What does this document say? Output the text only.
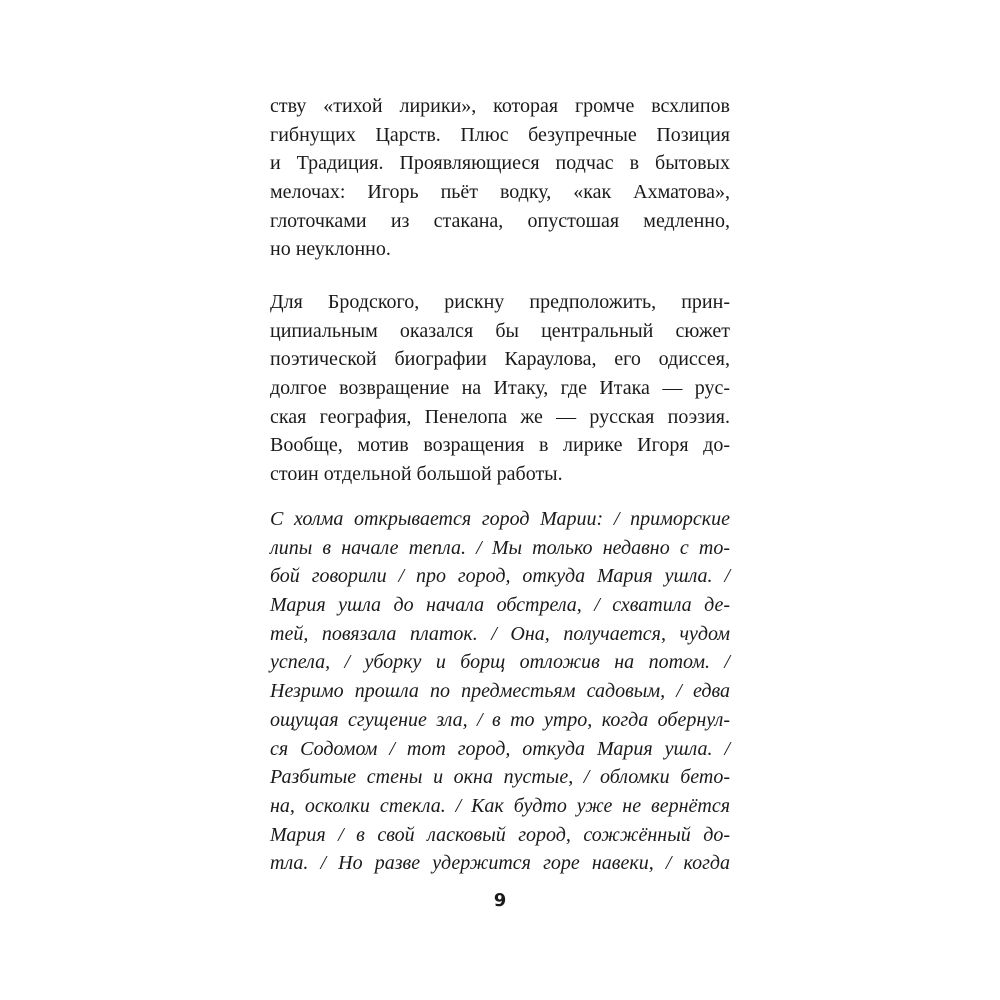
ству «тихой лирики», которая громче всхлипов
гибнущих Царств. Плюс безупречные Позиция
и Традиция. Проявляющиеся подчас в бытовых
мелочах: Игорь пьёт водку, «как Ахматова»,
глоточками из стакана, опустошая медленно,
но неуклонно.
Для Бродского, рискну предположить, прин-
ципиальным оказался бы центральный сюжет
поэтической биографии Караулова, его одиссея,
долгое возвращение на Итаку, где Итака — рус-
ская география, Пенелопа же — русская поэзия.
Вообще, мотив возращения в лирике Игоря до-
стоин отдельной большой работы.
С холма открывается город Марии: / приморские
липы в начале тепла. / Мы только недавно с то-
бой говорили / про город, откуда Мария ушла. /
Мария ушла до начала обстрела, / схватила де-
тей, повязала платок. / Она, получается, чудом
успела, / уборку и борщ отложив на потом. /
Незримо прошла по предместьям садовым, / едва
ощущая сгущение зла, / в то утро, когда обернул-
ся Содомом / тот город, откуда Мария ушла. /
Разбитые стены и окна пустые, / обломки бето-
на, осколки стекла. / Как будто уже не вернётся
Мария / в свой ласковый город, сожжённый до-
тла. / Но разве удержится горе навеки, / когда
9
